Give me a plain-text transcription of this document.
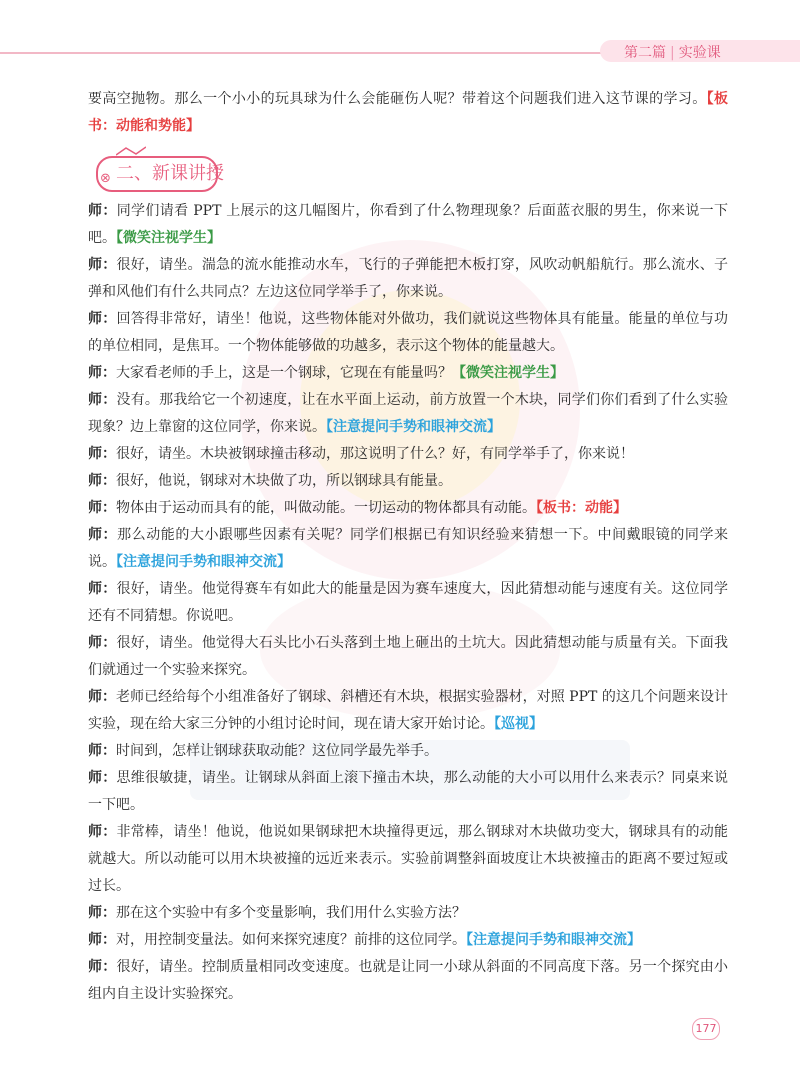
第二篇 | 实验课

要高空抛物。那么一个小小的玩具球为什么会能砸伤人呢？带着这个问题我们进入这节课的学习。【板书：动能和势能】

⊗ 二、新课讲授

师：同学们请看 PPT 上展示的这几幅图片，你看到了什么物理现象？后面蓝衣服的男生，你来说一下吧。【微笑注视学生】

师：很好，请坐。湍急的流水能推动水车，飞行的子弹能把木板打穿，风吹动帆船航行。那么流水、子弹和风他们有什么共同点？左边这位同学举手了，你来说。

师：回答得非常好，请坐！他说，这些物体能对外做功，我们就说这些物体具有能量。能量的单位与功的单位相同，是焦耳。一个物体能够做的功越多，表示这个物体的能量越大。

师：大家看老师的手上，这是一个钢球，它现在有能量吗？【微笑注视学生】

师：没有。那我给它一个初速度，让在水平面上运动，前方放置一个木块，同学们你们看到了什么实验现象？边上靠窗的这位同学，你来说。【注意提问手势和眼神交流】

师：很好，请坐。木块被钢球撞击移动，那这说明了什么？好，有同学举手了，你来说！

师：很好，他说，钢球对木块做了功，所以钢球具有能量。

师：物体由于运动而具有的能，叫做动能。一切运动的物体都具有动能。【板书：动能】

师：那么动能的大小跟哪些因素有关呢？同学们根据已有知识经验来猜想一下。中间戴眼镜的同学来说。【注意提问手势和眼神交流】

师：很好，请坐。他觉得赛车有如此大的能量是因为赛车速度大，因此猜想动能与速度有关。这位同学还有不同猜想。你说吧。

师：很好，请坐。他觉得大石头比小石头落到土地上砸出的土坑大。因此猜想动能与质量有关。下面我们就通过一个实验来探究。

师：老师已经给每个小组准备好了钢球、斜槽还有木块，根据实验器材，对照 PPT 的这几个问题来设计实验，现在给大家三分钟的小组讨论时间，现在请大家开始讨论。【巡视】

师：时间到，怎样让钢球获取动能？这位同学最先举手。

师：思维很敏捷，请坐。让钢球从斜面上滚下撞击木块，那么动能的大小可以用什么来表示？同桌来说一下吧。

师：非常棒，请坐！他说，他说如果钢球把木块撞得更远，那么钢球对木块做功变大，钢球具有的动能就越大。所以动能可以用木块被撞的远近来表示。实验前调整斜面坡度让木块被撞击的距离不要过短或过长。

师：那在这个实验中有多个变量影响，我们用什么实验方法？

师：对，用控制变量法。如何来探究速度？前排的这位同学。【注意提问手势和眼神交流】

师：很好，请坐。控制质量相同改变速度。也就是让同一小球从斜面的不同高度下落。另一个探究由小组内自主设计实验探究。

177
